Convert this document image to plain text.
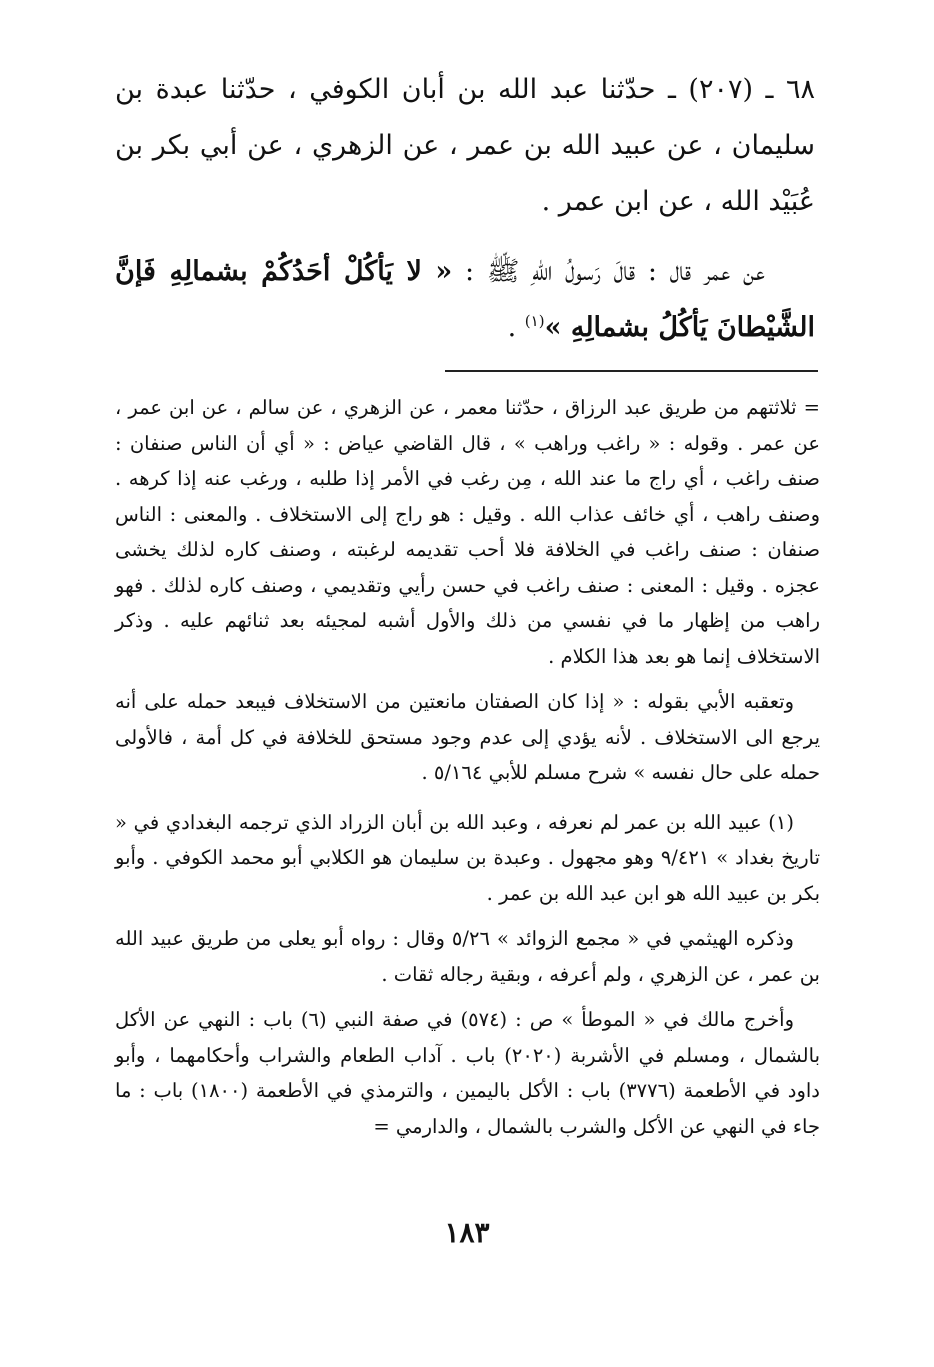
٦٨ ـ (٢٠٧) ـ حدّثنا عبد الله بن أبان الكوفي ، حدّثنا عبدة بن سليمان ، عن عبيد الله بن عمر ، عن الزهري ، عن أبي بكر بن عُبَيْد الله ، عن ابن عمر .

عن عمر قال : قالَ رَسولُ اللّهِ ﷺ : « لا يَأكُلْ أحَدُكُمْ بشمالِهِ فَإنَّ الشَّيْطانَ يَأكُلُ بشمالِهِ »$^{(١)}$ .

= ثلاثتهم من طريق عبد الرزاق ، حدّثنا معمر ، عن الزهري ، عن سالم ، عن ابن عمر ، عن عمر . وقوله : « راغب وراهب » ، قال القاضي عياض : « أي أن الناس صنفان : صنف راغب ، أي راج ما عند الله ، مِن رغب في الأمر إذا طلبه ، ورغب عنه إذا كرهه . وصنف راهب ، أي خائف عذاب الله . وقيل : هو راج إلى الاستخلاف . والمعنى : الناس صنفان : صنف راغب في الخلافة فلا أحب تقديمه لرغبته ، وصنف كاره لذلك يخشى عجزه . وقيل : المعنى : صنف راغب في حسن رأيي وتقديمي ، وصنف كاره لذلك . فهو راهب من إظهار ما في نفسي من ذلك والأول أشبه لمجيئه بعد ثنائهم عليه . وذكر الاستخلاف إنما هو بعد هذا الكلام .

وتعقبه الأبي بقوله : « إذا كان الصفتان مانعتين من الاستخلاف فيبعد حمله على أنه يرجع الى الاستخلاف . لأنه يؤدي إلى عدم وجود مستحق للخلافة في كل أمة ، فالأولى حمله على حال نفسه » شرح مسلم للأبي ٥/١٦٤ .

(١) عبيد الله بن عمر لم نعرفه ، وعبد الله بن أبان الزراد الذي ترجمه البغدادي في « تاريخ بغداد » ٩/٤٢١ وهو مجهول . وعبدة بن سليمان هو الكلابي أبو محمد الكوفي . وأبو بكر بن عبيد الله هو ابن عبد الله بن عمر .

وذكره الهيثمي في « مجمع الزوائد » ٥/٢٦ وقال : رواه أبو يعلى من طريق عبيد الله بن عمر ، عن الزهري ، ولم أعرفه ، وبقية رجاله ثقات .

وأخرج مالك في « الموطأ » ص : (٥٧٤) في صفة النبي (٦) باب : النهي عن الأكل بالشمال ، ومسلم في الأشربة (٢٠٢٠) باب . آداب الطعام والشراب وأحكامهما ، وأبو داود في الأطعمة (٣٧٧٦) باب : الأكل باليمين ، والترمذي في الأطعمة (١٨٠٠) باب : ما جاء في النهي عن الأكل والشرب بالشمال ، والدارمي =

١٨٣
